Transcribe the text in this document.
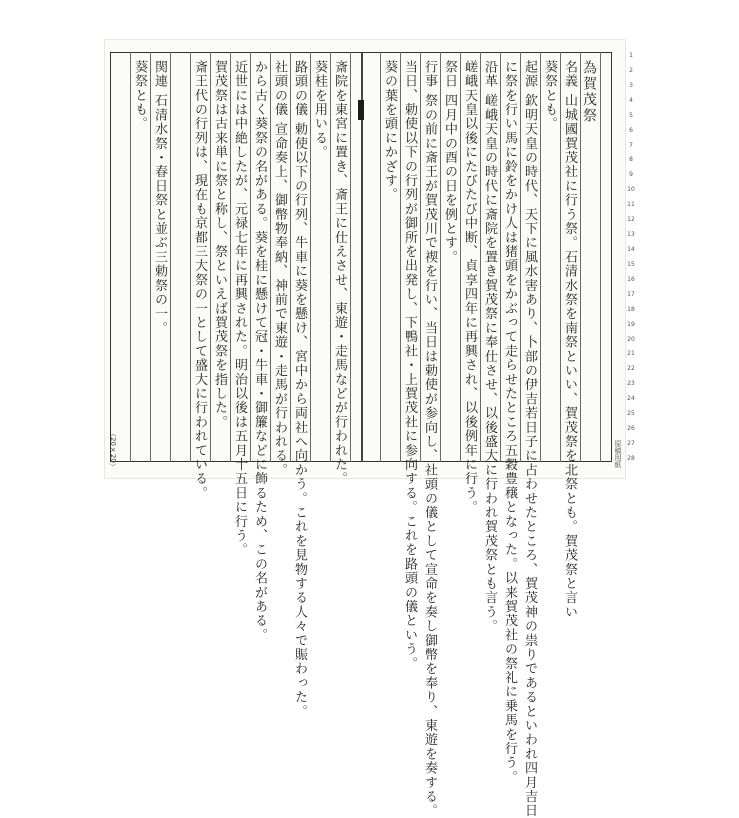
為賀茂祭
名義 山城國賀茂社に行う祭。石清水祭を南祭といい、賀茂祭を北祭とも。賀茂祭と言い
葵祭とも。
起源 欽明天皇の時代、天下に風水害あり、卜部の伊吉若日子に占わせたところ、賀茂神の祟りであるといわれ四月吉日
に祭を行い馬に鈴をかけ人は猪頭をかぶって走らせたところ五穀豊穣となった。以来賀茂社の祭礼に乗馬を行う。
沿革 嵯峨天皇の時代に斎院を置き賀茂祭に奉仕させ、以後盛大に行われ賀茂祭とも言う。
嵯峨天皇以後にたびたび中断、貞享四年に再興され、以後例年に行う。
祭日 四月中の酉の日を例とす。
行事 祭の前に斎王が賀茂川で禊を行い、当日は勅使が参向し、社頭の儀として宣命を奏し御幣を奉り、東遊を奏する。
当日、勅使以下の行列が御所を出発し、下鴨社・上賀茂社に参向する。これを路頭の儀という。
葵の葉を頭にかざす。
斎院を東宮に置き、斎王に仕えさせ、東遊・走馬などが行われた。
葵桂を用いる。
路頭の儀 勅使以下の行列、牛車に葵を懸け、宮中から両社へ向かう。これを見物する人々で賑わった。
社頭の儀 宣命奏上、御幣物奉納、神前で東遊・走馬が行われる。
から古く葵祭の名がある。葵を桂に懸けて冠・牛車・御簾などに飾るため、この名がある。
近世には中絶したが、元禄七年に再興された。明治以後は五月十五日に行う。
賀茂祭は古来単に祭と称し、祭といえば賀茂祭を指した。
斎王代の行列は、現在も京都三大祭の一として盛大に行われている。
関連 石清水祭・春日祭と並ぶ三勅祭の一。
葵祭とも。
1
2
3
4
5
6
7
8
9
10
11
12
13
14
15
16
17
18
19
20
21
22
23
24
25
26
27
28
（20×20）	原稿用紙
